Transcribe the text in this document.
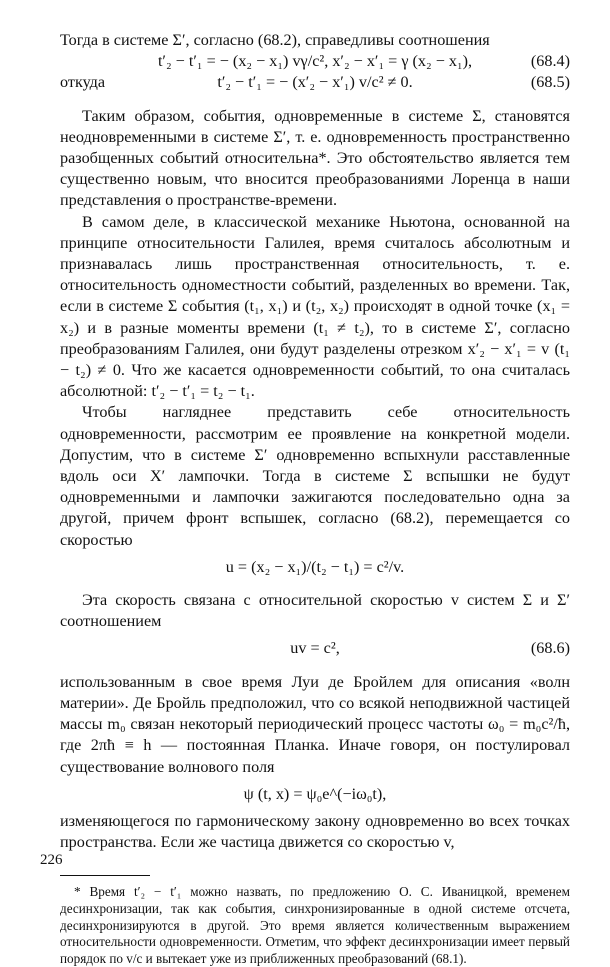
Тогда в системе Σ′, согласно (68.2), справедливы соотношения

t′₂ − t′₁ = − (x₂ − x₁) vγ/c², x′₂ − x′₁ = γ (x₂ − x₁),	(68.4)
откуда	t′₂ − t′₁ = − (x′₂ − x′₁) v/c² ≠ 0.	(68.5)

Таким образом, события, одновременные в системе Σ, становятся неодновременными в системе Σ′, т. е. одновременность пространственно разобщенных событий относительна*. Это обстоятельство является тем существенно новым, что вносится преобразованиями Лоренца в наши представления о пространстве-времени.

В самом деле, в классической механике Ньютона, основанной на принципе относительности Галилея, время считалось абсолютным и признавалась лишь пространственная относительность, т. е. относительность одноместности событий, разделенных во времени. Так, если в системе Σ события (t₁, x₁) и (t₂, x₂) происходят в одной точке (x₁ = x₂) и в разные моменты времени (t₁ ≠ t₂), то в системе Σ′, согласно преобразованиям Галилея, они будут разделены отрезком x′₂ − x′₁ = v (t₁ − t₂) ≠ 0. Что же касается одновременности событий, то она считалась абсолютной: t′₂ − t′₁ = t₂ − t₁.

Чтобы нагляднее представить себе относительность одновременности, рассмотрим ее проявление на конкретной модели. Допустим, что в системе Σ′ одновременно вспыхнули расставленные вдоль оси X′ лампочки. Тогда в системе Σ вспышки не будут одновременными и лампочки зажигаются последовательно одна за другой, причем фронт вспышек, согласно (68.2), перемещается со скоростью

u = (x₂ − x₁)/(t₂ − t₁) = c²/v.

Эта скорость связана с относительной скоростью v систем Σ и Σ′ соотношением

uv = c²,	(68.6)

использованным в свое время Луи де Бройлем для описания «волн материи». Де Бройль предположил, что со всякой неподвижной частицей массы m₀ связан некоторый периодический процесс частоты ω₀ = m₀c²/ħ, где 2πħ ≡ h — постоянная Планка. Иначе говоря, он постулировал существование волнового поля

ψ (t, x) = ψ₀e^(−iω₀t),

изменяющегося по гармоническому закону одновременно во всех точках пространства. Если же частица движется со скоростью v,

* Время t′₂ − t′₁ можно назвать, по предложению О. С. Иваницкой, временем десинхронизации, так как события, синхронизированные в одной системе отсчета, десинхронизируются в другой. Это время является количественным выражением относительности одновременности. Отметим, что эффект десинхронизации имеет первый порядок по v/c и вытекает уже из приближенных преобразований (68.1).

226
